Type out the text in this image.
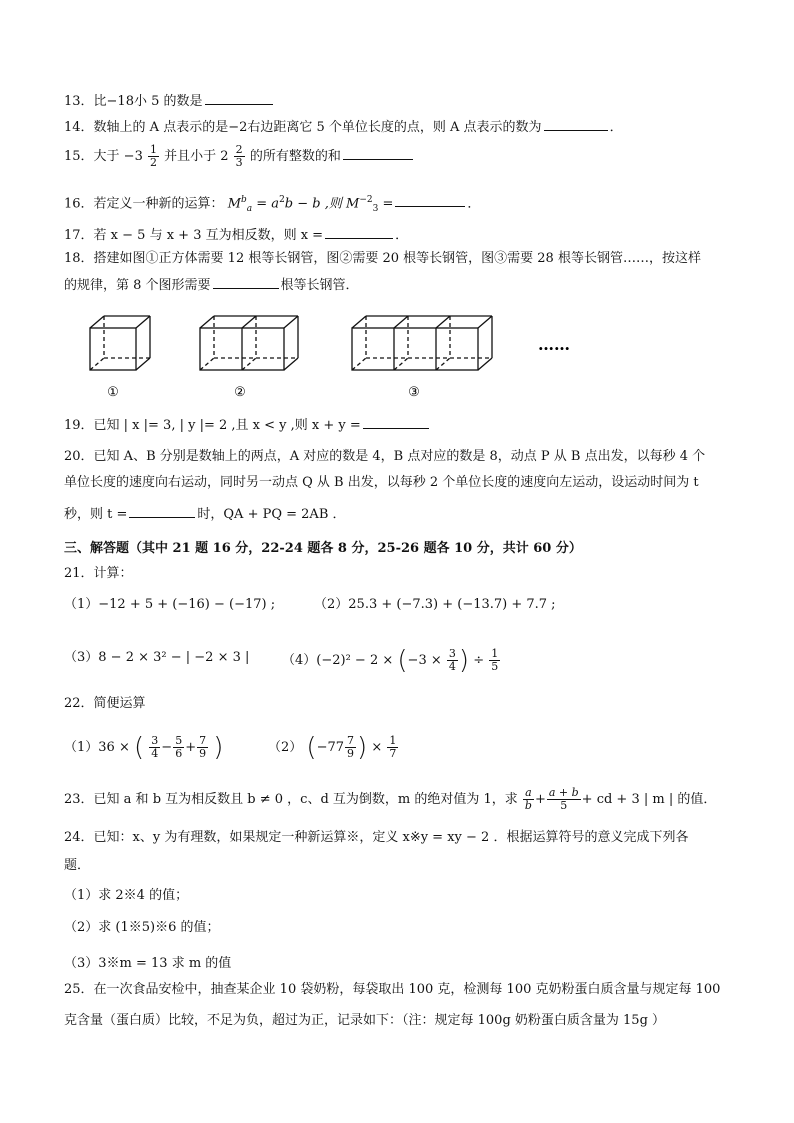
13．比−18小 5 的数是
14．数轴上的 A 点表示的是−2右边距离它 5 个单位长度的点，则 A 点表示的数为	．
15．大于 $-3 \frac{1}{2}$ 并且小于 $2 \frac{2}{3}$ 的所有整数的和
16．若定义一种新的运算： $M^b_a = a^2b - b$ ,则 $M^{-2}_3$ =	．
17．若 x − 5 与 x + 3 互为相反数，则 x =	．
18．搭建如图①正方体需要 12 根等长钢管，图②需要 20 根等长钢管，图③需要 28 根等长钢管……，按这样
的规律，第 8 个图形需要	根等长钢管．
①	②	③
……
19．已知 | x |= 3, | y |= 2 ,且 x < y ,则 x + y =
20．已知 A、B 分别是数轴上的两点，A 对应的数是 4，B 点对应的数是 8，动点 P 从 B 点出发，以每秒 4 个
单位长度的速度向右运动，同时另一动点 Q 从 B 出发，以每秒 2 个单位长度的速度向左运动，设运动时间为 t
秒，则 t =	时，QA + PQ = 2AB ．
三、解答题（其中 21 题 16 分，22-24 题各 8 分，25-26 题各 10 分，共计 60 分）
21．计算：
（1）−12 + 5 + (−16) − (−17) ;	（2）25.3 + (−7.3) + (−13.7) + 7.7 ;
（3）8 − 2 × 3² − | −2 × 3 |	$(4)(-2)^2 - 2 \times (-3 \times \frac{3}{4}$ ) ÷ $\frac{1}{5}$
22．简便运算
（1）36 × ( $\frac{3}{4} - \frac{5}{6} + \frac{7}{9}$ )	（2） ($-77 \frac{7}{9}$ ) × $\frac{1}{7}$
23．已知 a 和 b 互为相反数且 b ≠ 0 ，c、d 互为倒数，m 的绝对值为 1，求 $\frac{a}{b} + \frac{a + b}{5}$ + cd + 3 | m | 的值．
24．已知：x、y 为有理数，如果规定一种新运算※，定义 x※y = xy − 2 ．根据运算符号的意义完成下列各
题．
（1）求 2※4 的值；
（2）求 (1※5)※6 的值；
（3）3※m = 13 求 m 的值
25．在一次食品安检中，抽查某企业 10 袋奶粉，每袋取出 100 克，检测每 100 克奶粉蛋白质含量与规定每 100
克含量（蛋白质）比较，不足为负，超过为正，记录如下：（注：规定每 100g 奶粉蛋白质含量为 15g ）
